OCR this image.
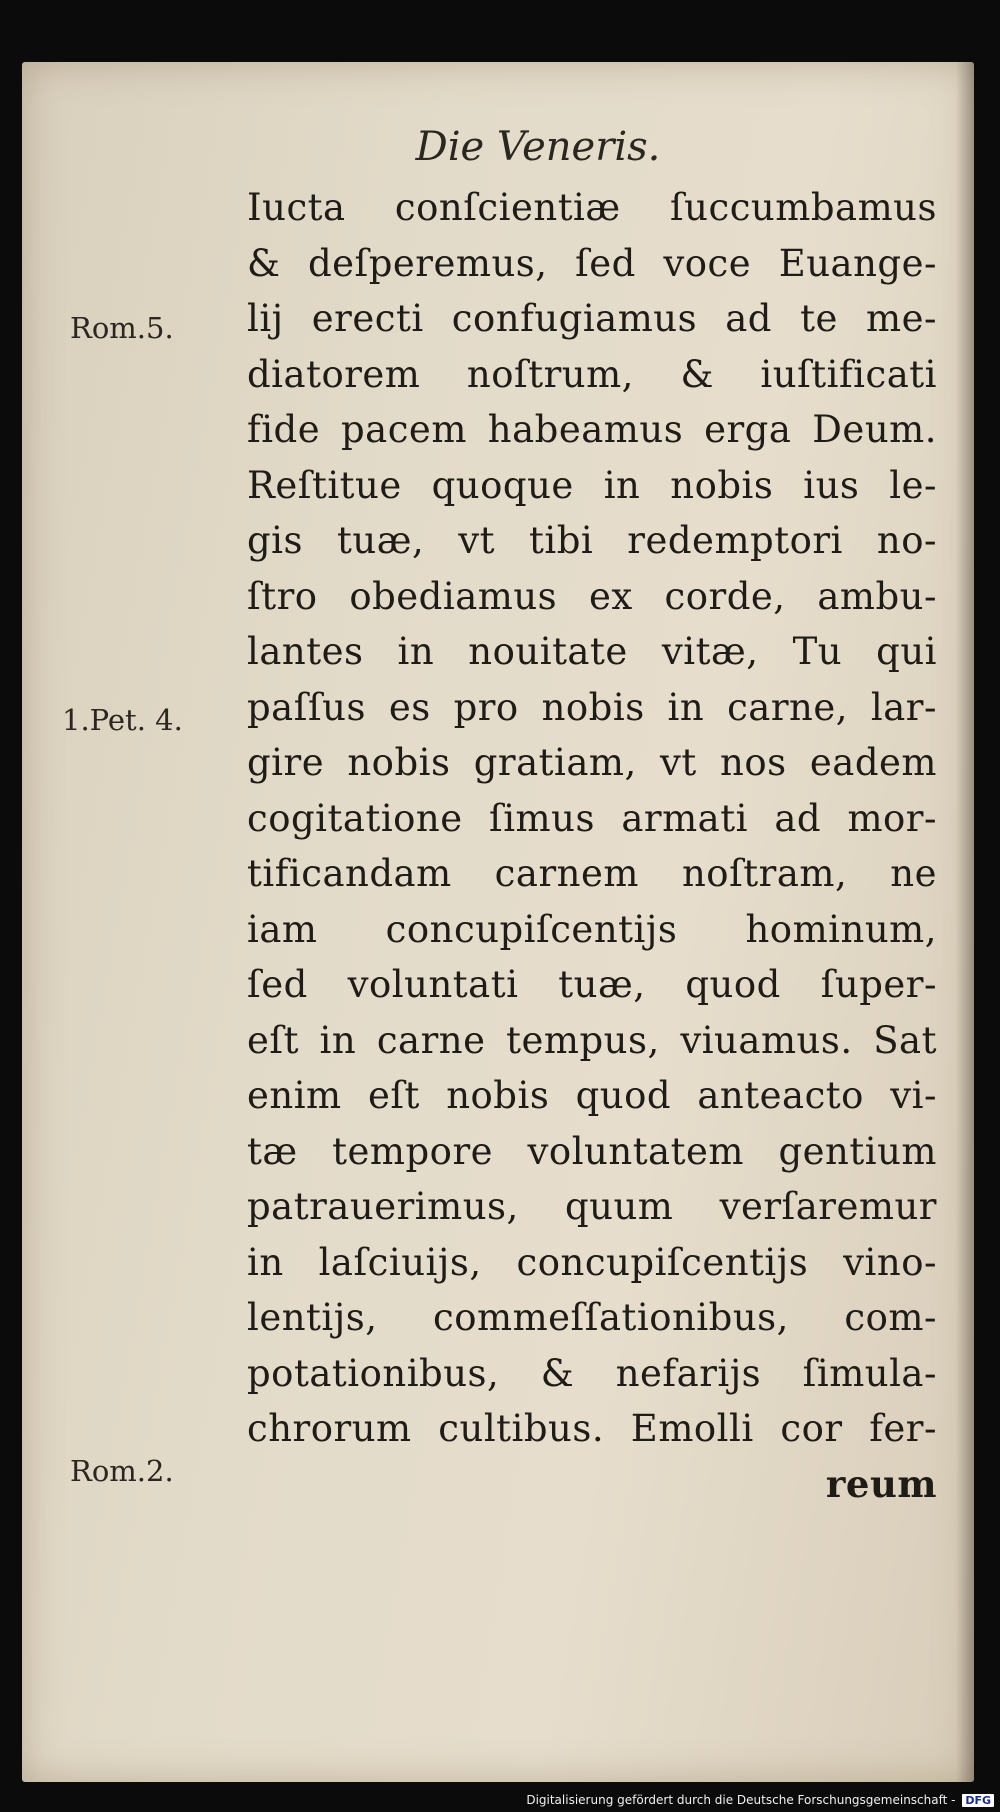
Die Veneris.
Rom.5.
1.Pet. 4.
Rom.2.
Iucta conſcientiæ ſuccumbamus
& deſperemus, ſed voce Euange-
lij erecti confugiamus ad te me-
diatorem noſtrum, & iuſtificati
fide pacem habeamus erga Deum.
Reſtitue quoque in nobis ius le-
gis tuæ, vt tibi redemptori no-
ſtro obediamus ex corde, ambu-
lantes in nouitate vitæ, Tu qui
paſſus es pro nobis in carne, lar-
gire nobis gratiam, vt nos eadem
cogitatione ſimus armati ad mor-
tificandam carnem noſtram, ne
iam concupiſcentijs hominum,
ſed voluntati tuæ, quod ſuper-
eſt in carne tempus, viuamus. Sat
enim eſt nobis quod anteacto vi-
tæ tempore voluntatem gentium
patrauerimus, quum verſaremur
in laſciuijs, concupiſcentijs vino-
lentijs, commeſſationibus, com-
potationibus, & nefarijs ſimula-
chrorum cultibus. Emolli cor fer-
reum
Digitalisierung gefördert durch die Deutsche Forschungsgemeinschaft - DFG
